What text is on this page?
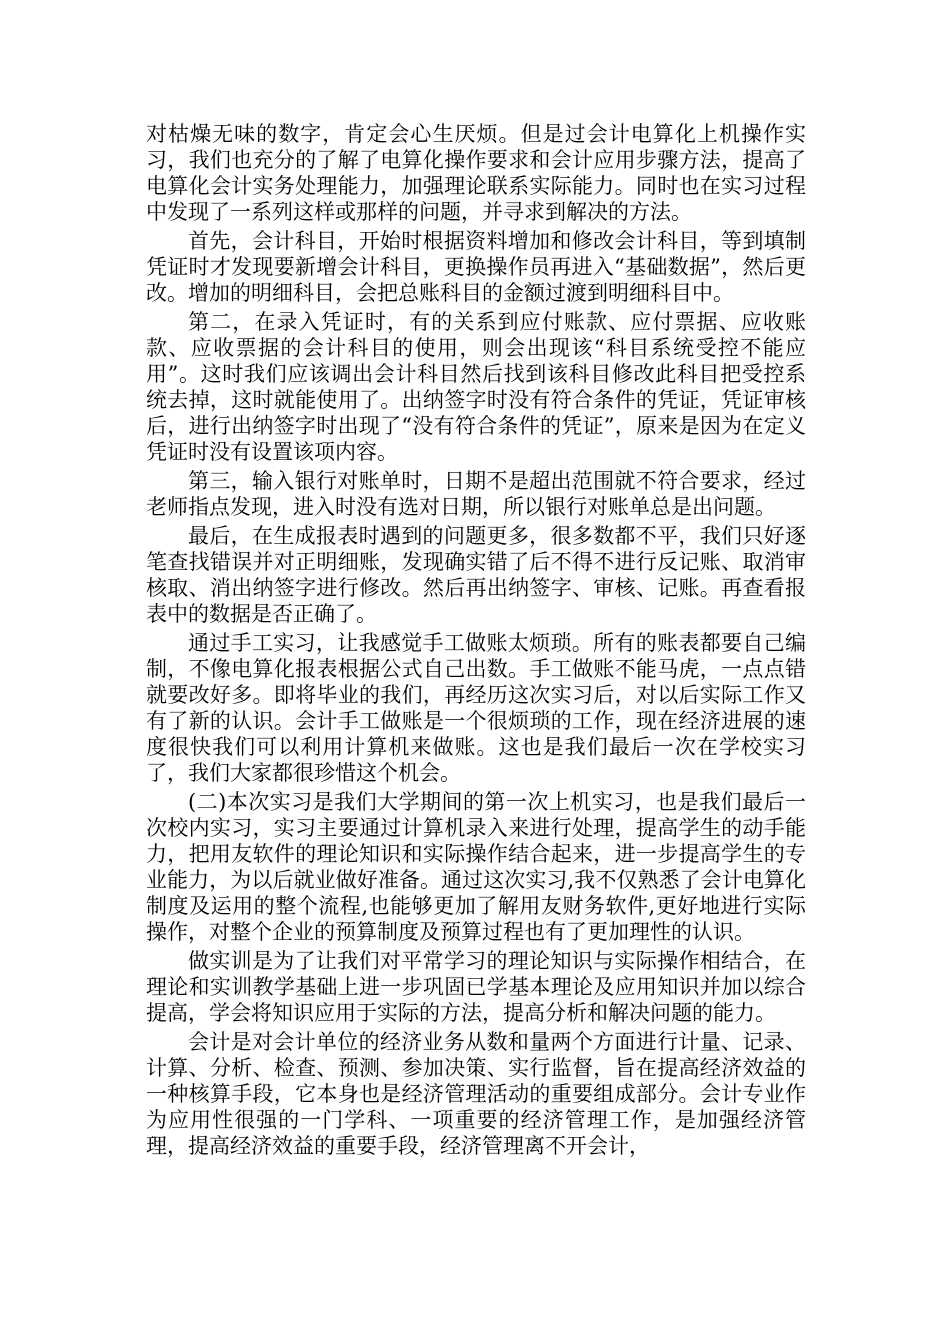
对枯燥无味的数字，肯定会心生厌烦。但是过会计电算化上机操作实习，我们也充分的了解了电算化操作要求和会计应用步骤方法，提高了电算化会计实务处理能力，加强理论联系实际能力。同时也在实习过程中发现了一系列这样或那样的问题，并寻求到解决的方法。

首先，会计科目，开始时根据资料增加和修改会计科目，等到填制凭证时才发现要新增会计科目，更换操作员再进入“基础数据”，然后更改。增加的明细科目，会把总账科目的金额过渡到明细科目中。

第二，在录入凭证时，有的关系到应付账款、应付票据、应收账款、应收票据的会计科目的使用，则会出现该“科目系统受控不能应用”。这时我们应该调出会计科目然后找到该科目修改此科目把受控系统去掉，这时就能使用了。出纳签字时没有符合条件的凭证，凭证审核后，进行出纳签字时出现了“没有符合条件的凭证”，原来是因为在定义凭证时没有设置该项内容。

第三，输入银行对账单时，日期不是超出范围就不符合要求，经过老师指点发现，进入时没有选对日期，所以银行对账单总是出问题。

最后，在生成报表时遇到的问题更多，很多数都不平，我们只好逐笔查找错误并对正明细账，发现确实错了后不得不进行反记账、取消审核取、消出纳签字进行修改。然后再出纳签字、审核、记账。再查看报表中的数据是否正确了。

通过手工实习，让我感觉手工做账太烦琐。所有的账表都要自己编制，不像电算化报表根据公式自己出数。手工做账不能马虎，一点点错就要改好多。即将毕业的我们，再经历这次实习后，对以后实际工作又有了新的认识。会计手工做账是一个很烦琐的工作，现在经济进展的速度很快我们可以利用计算机来做账。这也是我们最后一次在学校实习了，我们大家都很珍惜这个机会。

(二)本次实习是我们大学期间的第一次上机实习，也是我们最后一次校内实习，实习主要通过计算机录入来进行处理，提高学生的动手能力，把用友软件的理论知识和实际操作结合起来，进一步提高学生的专业能力，为以后就业做好准备。通过这次实习,我不仅熟悉了会计电算化制度及运用的整个流程,也能够更加了解用友财务软件,更好地进行实际操作，对整个企业的预算制度及预算过程也有了更加理性的认识。

做实训是为了让我们对平常学习的理论知识与实际操作相结合，在理论和实训教学基础上进一步巩固已学基本理论及应用知识并加以综合提高，学会将知识应用于实际的方法，提高分析和解决问题的能力。

会计是对会计单位的经济业务从数和量两个方面进行计量、记录、计算、分析、检查、预测、参加决策、实行监督，旨在提高经济效益的一种核算手段，它本身也是经济管理活动的重要组成部分。会计专业作为应用性很强的一门学科、一项重要的经济管理工作，是加强经济管理，提高经济效益的重要手段，经济管理离不开会计，
